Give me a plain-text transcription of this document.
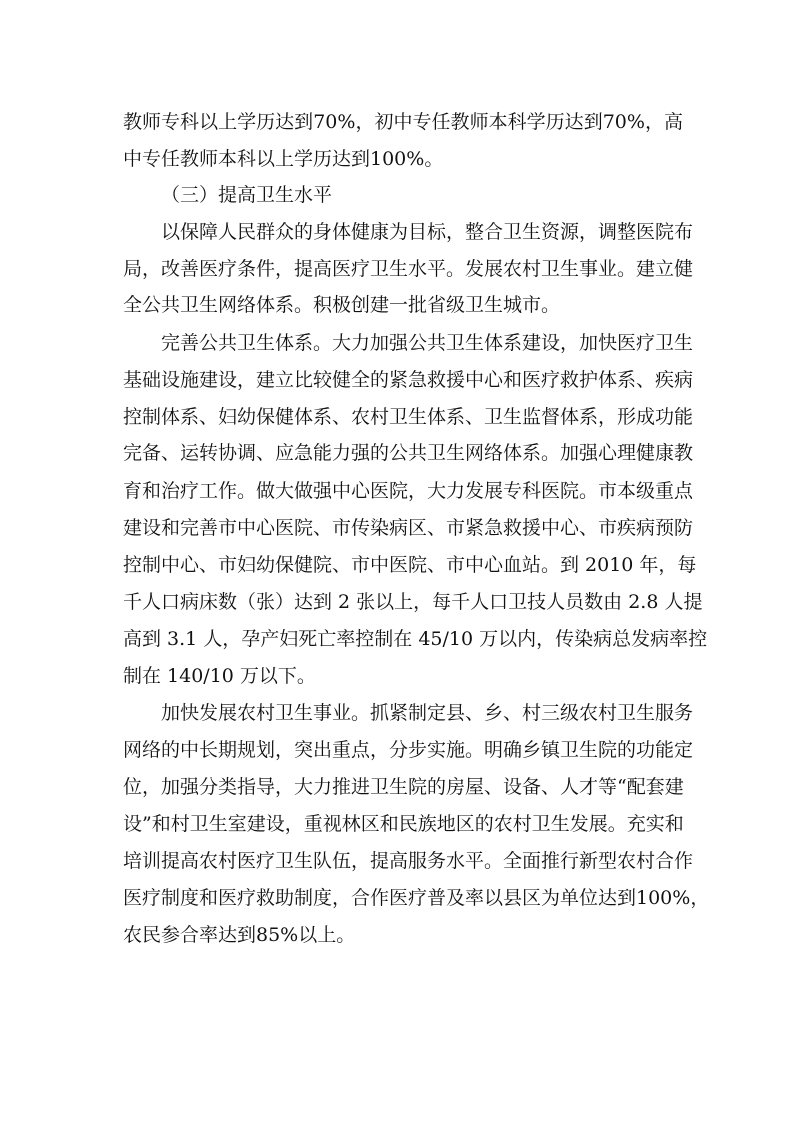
教师专科以上学历达到70%，初中专任教师本科学历达到70%，高
中专任教师本科以上学历达到100%。
（三）提高卫生水平
以保障人民群众的身体健康为目标，整合卫生资源，调整医院布
局，改善医疗条件，提高医疗卫生水平。发展农村卫生事业。建立健
全公共卫生网络体系。积极创建一批省级卫生城市。
完善公共卫生体系。大力加强公共卫生体系建设，加快医疗卫生
基础设施建设，建立比较健全的紧急救援中心和医疗救护体系、疾病
控制体系、妇幼保健体系、农村卫生体系、卫生监督体系，形成功能
完备、运转协调、应急能力强的公共卫生网络体系。加强心理健康教
育和治疗工作。做大做强中心医院，大力发展专科医院。市本级重点
建设和完善市中心医院、市传染病区、市紧急救援中心、市疾病预防
控制中心、市妇幼保健院、市中医院、市中心血站。到 2010 年，每
千人口病床数（张）达到 2 张以上，每千人口卫技人员数由 2.8 人提
高到 3.1 人，孕产妇死亡率控制在 45/10 万以内，传染病总发病率控
制在 140/10 万以下。
加快发展农村卫生事业。抓紧制定县、乡、村三级农村卫生服务
网络的中长期规划，突出重点，分步实施。明确乡镇卫生院的功能定
位，加强分类指导，大力推进卫生院的房屋、设备、人才等“配套建
设”和村卫生室建设，重视林区和民族地区的农村卫生发展。充实和
培训提高农村医疗卫生队伍，提高服务水平。全面推行新型农村合作
医疗制度和医疗救助制度，合作医疗普及率以县区为单位达到100%，
农民参合率达到85%以上。
